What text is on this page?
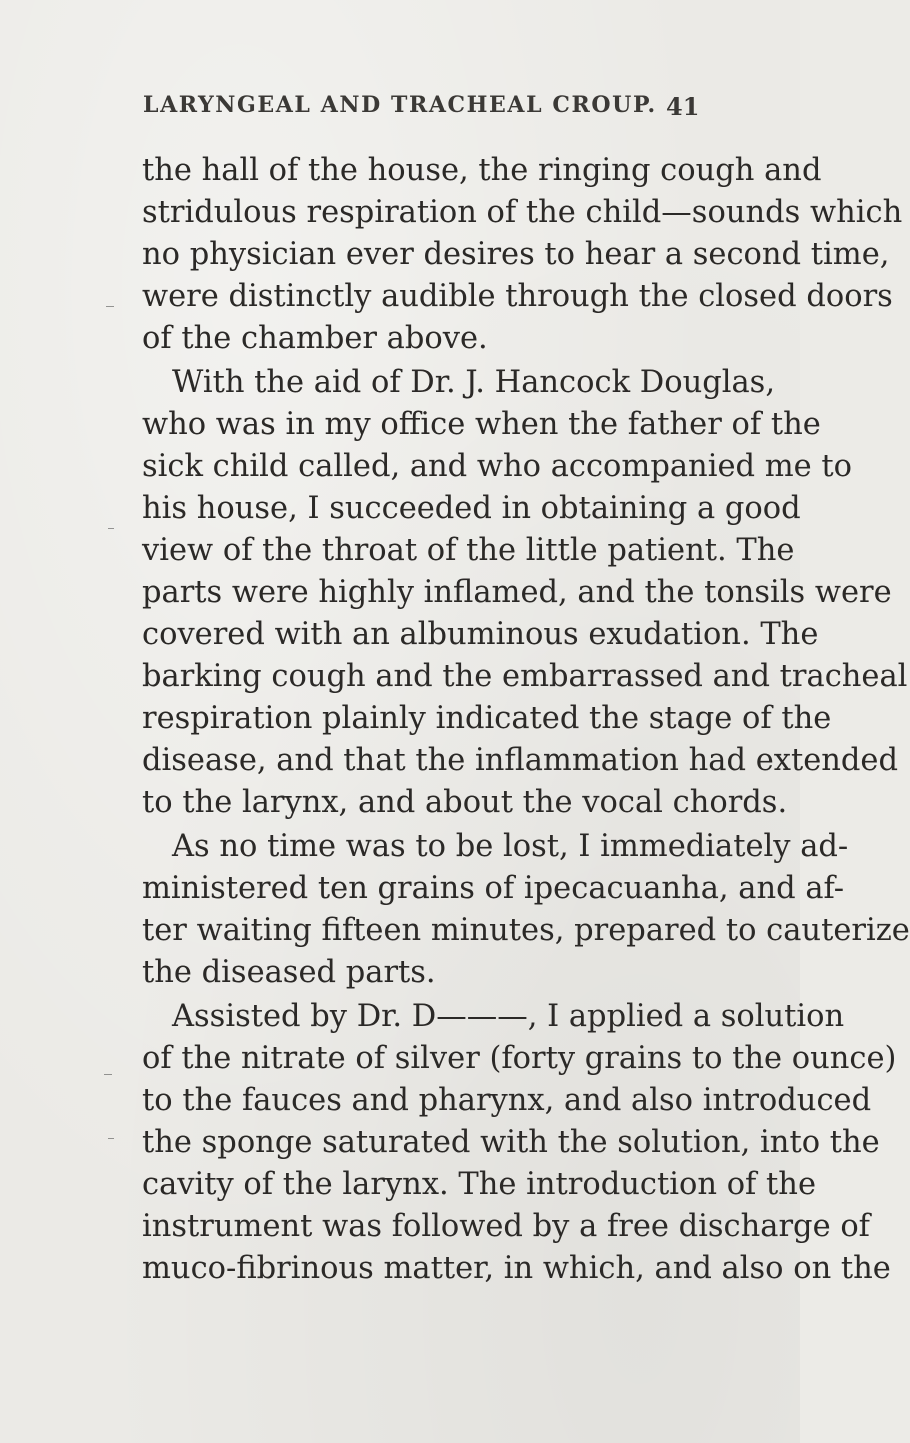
LARYNGEAL AND TRACHEAL CROUP. 41
the hall of the house, the ringing cough and
stridulous respiration of the child—sounds which
no physician ever desires to hear a second time,
were distinctly audible through the closed doors
of the chamber above.
With the aid of Dr. J. Hancock Douglas,
who was in my office when the father of the
sick child called, and who accompanied me to
his house, I succeeded in obtaining a good
view of the throat of the little patient. The
parts were highly inflamed, and the tonsils were
covered with an albuminous exudation. The
barking cough and the embarrassed and tracheal
respiration plainly indicated the stage of the
disease, and that the inflammation had extended
to the larynx, and about the vocal chords.
As no time was to be lost, I immediately ad-
ministered ten grains of ipecacuanha, and af-
ter waiting fifteen minutes, prepared to cauterize
the diseased parts.
Assisted by Dr. D———, I applied a solution
of the nitrate of silver (forty grains to the ounce)
to the fauces and pharynx, and also introduced
the sponge saturated with the solution, into the
cavity of the larynx. The introduction of the
instrument was followed by a free discharge of
muco-fibrinous matter, in which, and also on the
